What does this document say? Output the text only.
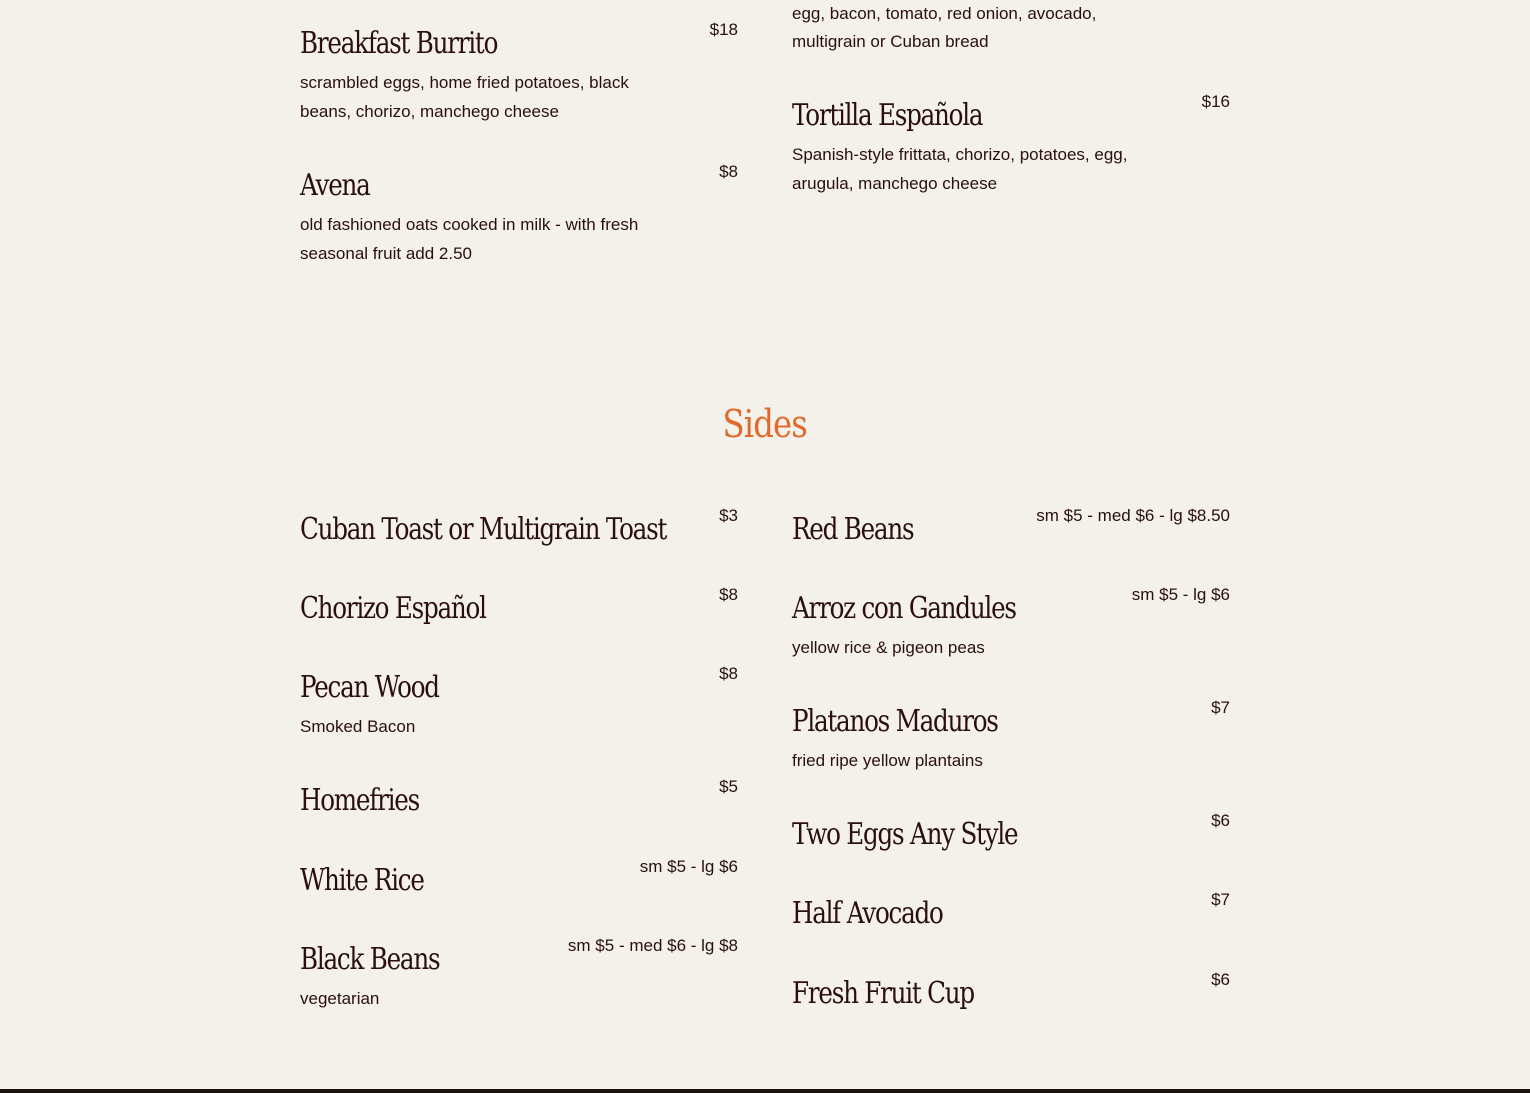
egg, bacon, tomato, red onion, avocado, multigrain or Cuban bread
Breakfast Burrito	$18
scrambled eggs, home fried potatoes, black beans, chorizo, manchego cheese
Avena	$8
old fashioned oats cooked in milk - with fresh seasonal fruit add 2.50
Tortilla Española	$16
Spanish-style frittata, chorizo, potatoes, egg, arugula, manchego cheese
Sides
Cuban Toast or Multigrain Toast	$3
Chorizo Español	$8
Pecan Wood	$8
Smoked Bacon
Homefries	$5
White Rice	sm $5 - lg $6
Black Beans	sm $5 - med $6 - lg $8
vegetarian
Red Beans	sm $5 - med $6 - lg $8.50
Arroz con Gandules	sm $5 - lg $6
yellow rice & pigeon peas
Platanos Maduros	$7
fried ripe yellow plantains
Two Eggs Any Style	$6
Half Avocado	$7
Fresh Fruit Cup	$6
